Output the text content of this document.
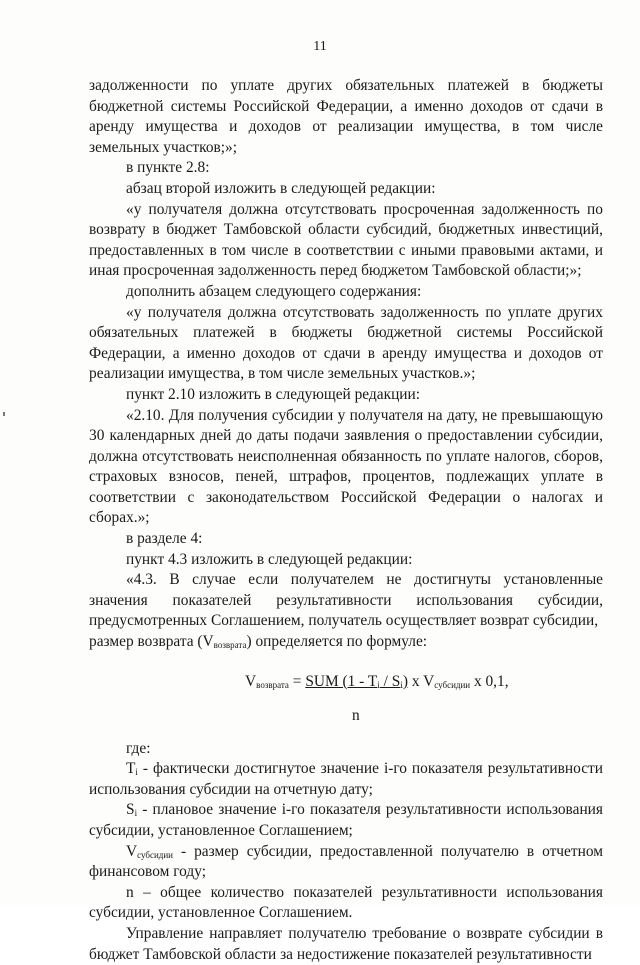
11

задолженности по уплате других обязательных платежей в бюджеты бюджетной системы Российской Федерации, а именно доходов от сдачи в аренду имущества и доходов от реализации имущества, в том числе земельных участков;»;

в пункте 2.8:

абзац второй изложить в следующей редакции:

«у получателя должна отсутствовать просроченная задолженность по возврату в бюджет Тамбовской области субсидий, бюджетных инвестиций, предоставленных в том числе в соответствии с иными правовыми актами, и иная просроченная задолженность перед бюджетом Тамбовской области;»;

дополнить абзацем следующего содержания:

«у получателя должна отсутствовать задолженность по уплате других обязательных платежей в бюджеты бюджетной системы Российской Федерации, а именно доходов от сдачи в аренду имущества и доходов от реализации имущества, в том числе земельных участков.»;

пункт 2.10 изложить в следующей редакции:

«2.10. Для получения субсидии у получателя на дату, не превышающую 30 календарных дней до даты подачи заявления о предоставлении субсидии, должна отсутствовать неисполненная обязанность по уплате налогов, сборов, страховых взносов, пеней, штрафов, процентов, подлежащих уплате в соответствии с законодательством Российской Федерации о налогах и сборах.»;

в разделе 4:

пункт 4.3 изложить в следующей редакции:

«4.3. В случае если получателем не достигнуты установленные значения показателей результативности использования субсидии, предусмотренных Соглашением, получатель осуществляет возврат субсидии,

размер возврата $(V_{возврата})$ определяется по формуле:

$V_{возврата}$ = SUM $(1 - T_i / S_i)$ x $V_{субсидии}$ x 0,1,
n

где:

$T_i$ - фактически достигнутое значение i-го показателя результативности использования субсидии на отчетную дату;

$S_i$ - плановое значение i-го показателя результативности использования субсидии, установленное Соглашением;

$V_{субсидии}$ - размер субсидии, предоставленной получателю в отчетном финансовом году;

n – общее количество показателей результативности использования субсидии, установленное Соглашением.

Управление направляет получателю требование о возврате субсидии в бюджет Тамбовской области за недостижение показателей результативности
